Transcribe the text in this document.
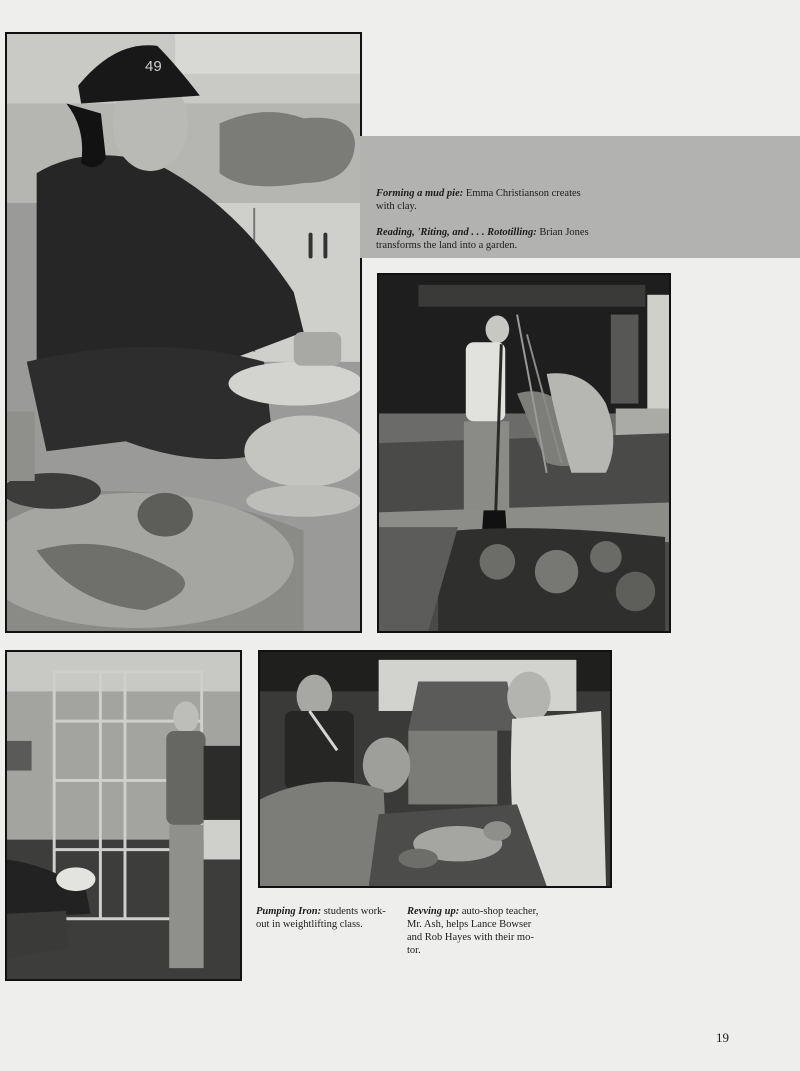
49
Forming a mud pie: Emma Christianson creates with clay.
Reading, 'Riting, and . . . Rototilling: Brian Jones transforms the land into a garden.
Pumping Iron: students work-out in weightlifting class.
Revving up: auto-shop teacher, Mr. Ash, helps Lance Bowser and Rob Hayes with their mo-tor.
19
